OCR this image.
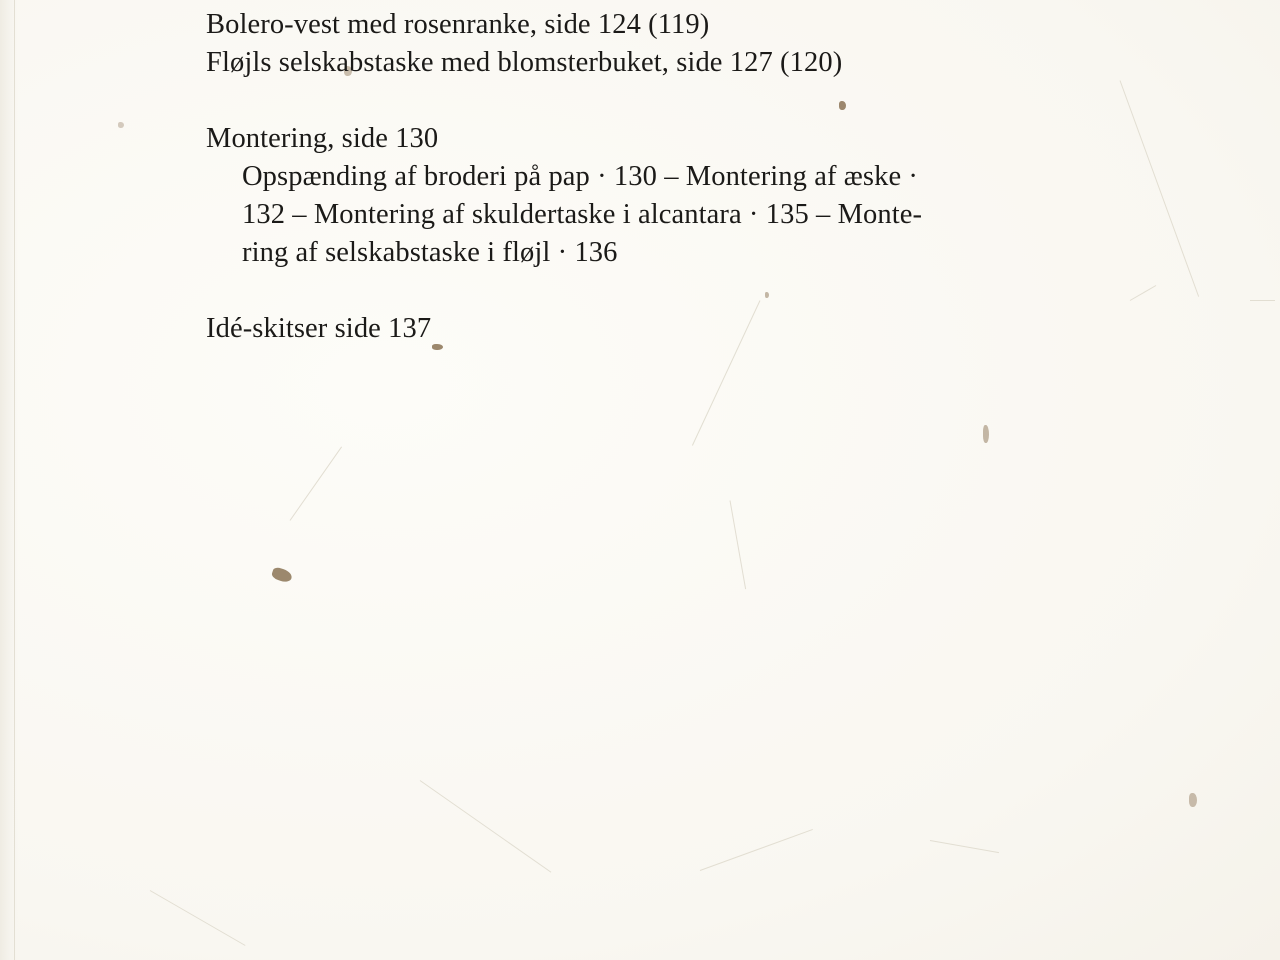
Bolero-vest med rosenranke, side 124 (119)
Fløjls selskabstaske med blomsterbuket, side 127 (120)
Montering, side 130
Opspænding af broderi på pap · 130 – Montering af æske ·
132 – Montering af skuldertaske i alcantara · 135 – Monte-
ring af selskabstaske i fløjl · 136
Idé-skitser side 137
